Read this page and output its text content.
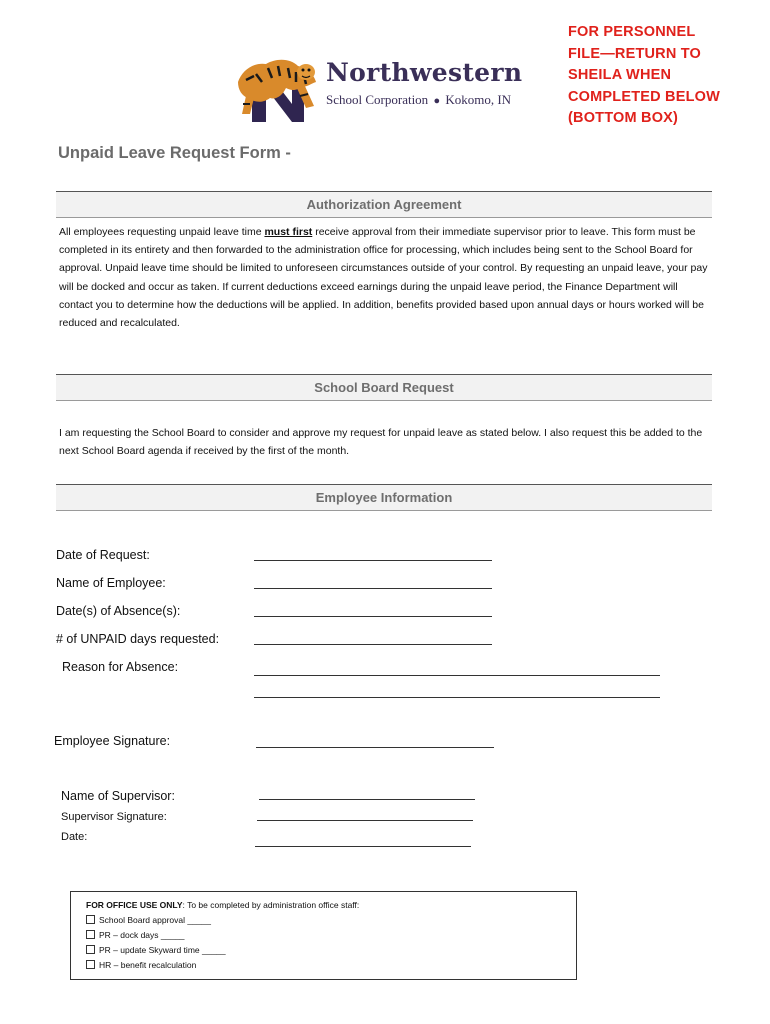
FOR PERSONNEL
FILE—RETURN TO
SHEILA WHEN
COMPLETED BELOW
(BOTTOM BOX)
Northwestern
School Corporation ● Kokomo, IN
Unpaid Leave Request Form -
Authorization Agreement
All employees requesting unpaid leave time must first receive approval from their immediate supervisor prior to leave. This form must be completed in its entirety and then forwarded to the administration office for processing, which includes being sent to the School Board for approval. Unpaid leave time should be limited to unforeseen circumstances outside of your control. By requesting an unpaid leave, your pay will be docked and occur as taken. If current deductions exceed earnings during the unpaid leave period, the Finance Department will contact you to determine how the deductions will be applied. In addition, benefits provided based upon annual days or hours worked will be reduced and recalculated.
School Board Request
I am requesting the School Board to consider and approve my request for unpaid leave as stated below. I also request this be added to the next School Board agenda if received by the first of the month.
Employee Information
Date of Request:
Name of Employee:
Date(s) of Absence(s):
# of UNPAID days requested:
Reason for Absence:
Employee Signature:
Name of Supervisor:
Supervisor Signature:
Date:
FOR OFFICE USE ONLY: To be completed by administration office staff:
School Board approval _____
PR – dock days _____
PR – update Skyward time _____
HR – benefit recalculation
